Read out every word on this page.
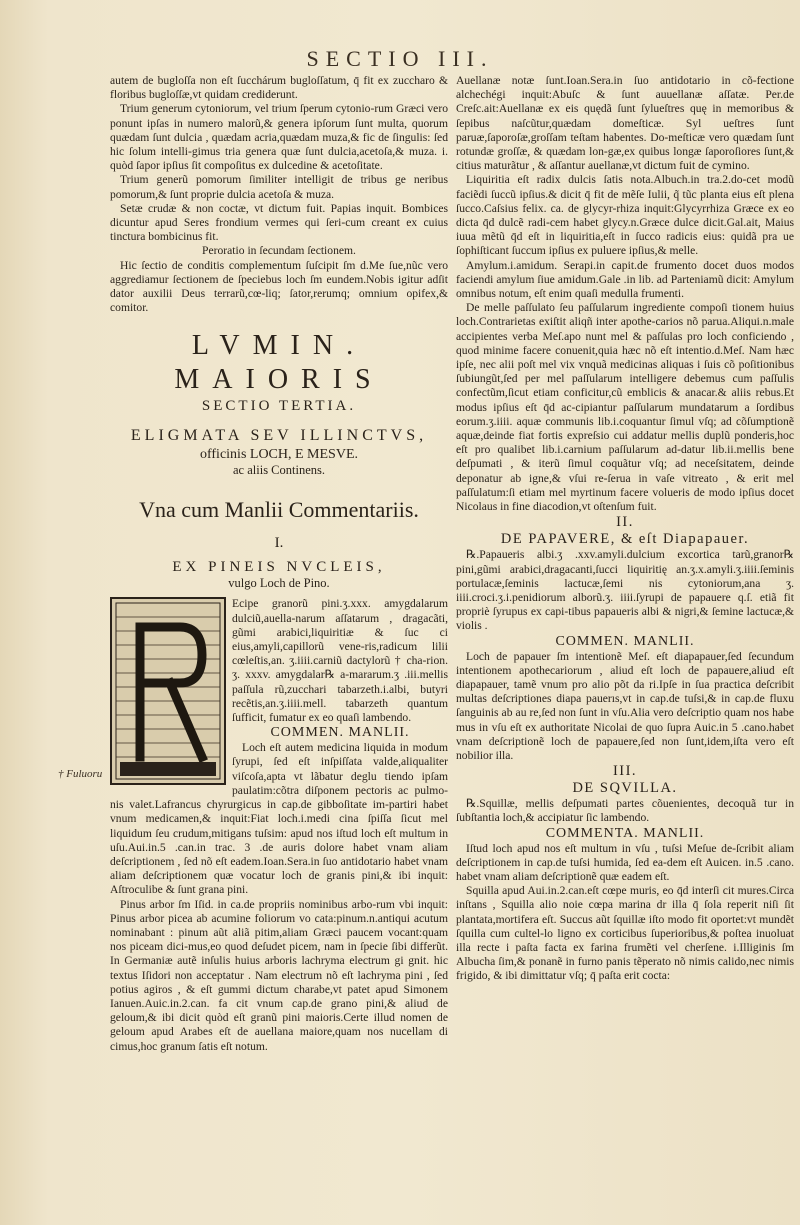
SECTIO III.
† Fuluoru

autem de bugloſſa non eſt ſucchárum bugloſſatum, q̄ fit ex zuccharo & floribus bugloſſæ,vt quidam crediderunt.

Trium generum cytoniorum, vel trium ſperum cytonio-rum Græci vero ponunt ipſas in numero malorũ,& genera ipſorum ſunt multa, quorum quædam ſunt dulcia , quædam acria,quædam muza,& fic de ſingulis: ſed hic ſolum intelli-gimus tria genera quæ ſunt dulcia,acetoſa,& muza. i. quòd ſapor ipſius ſit compoſitus ex dulcedine & acetoſitate.

Trium generũ pomorum ſimiliter intelligit de tribus ge neribus pomorum,& ſunt proprie dulcia acetoſa & muza.

Setæ crudæ & non coctæ, vt dictum fuit. Papias inquit. Bombices dicuntur apud Seres frondium vermes qui ſeri-cum creant ex cuius tinctura bombicinus fit.

Peroratio in ſecundam ſectionem.

Hic ſectio de conditis complementum ſuſcipit ſm d.Me ſue,nũc vero aggrediamur ſectionem de ſpeciebus loch ſm eundem.Nobis igitur adſit dator auxilii Deus terrarũ,cœ-liq; ſator,rerumq; omnium opifex,& comitor.

LVMIN. MAIORIS

SECTIO TERTIA.

ELIGMATA SEV ILLINCTVS,

officinis LOCH, E MESVE.

ac aliis Continens.

Vna cum Manlii Commentariis.

I.

EX PINEIS NVCLEIS,

vulgo Loch de Pino.

Ecipe granorũ pini.ʒ.xxx. amygdalarum dulciũ,auella-narum aſſatarum , dragacãti, gũmi arabici,liquiritiæ & ſuc ci eius,amyli,capillorũ vene-ris,radicum lilii cœleſtis,an. ʒ.iiii.carniũ dactylorũ † cha-rion. ʒ. xxxv. amygdalar℞ a-mararum.ʒ .iii.mellis paſſula rũ,zucchari tabarzeth.i.albi, butyri recẽtis,an.ʒ.iiii.mell. tabarzeth quantum ſufficit, fumatur ex eo quaſi lambendo.

COMMEN. MANLII.

Loch eſt autem medicina liquida in modum ſyrupi, ſed eſt inſpiſſata valde,aliqualiter viſcoſa,apta vt lãbatur deglu tiendo ipſam paulatim:cõtra diſponem pectoris ac pulmo-nis valet.Lafrancus chyrurgicus in cap.de gibboſitate im-partiri habet vnum medicamen,& inquit:Fiat loch.i.medi cina ſpiſſa ſicut mel liquidum ſeu crudum,mitigans tuſsim: apud nos iſtud loch eſt multum in uſu.Aui.in.5 .can.in trac. 3 .de auris dolore habet vnam aliam deſcriptionem , ſed nõ eſt eadem.Ioan.Sera.in ſuo antidotario habet vnam aliam deſcriptionem quæ vocatur loch de granis pini,& ibi inquit: Aſtroculibe & ſunt grana pini.

Pinus arbor ſm Iſid. in ca.de propriis nominibus arbo-rum vbi inquit: Pinus arbor picea ab acumine foliorum vo cata:pinum.n.antiqui acutum nominabant : pinum aũt aliã pitim,aliam Græci paucem vocant:quam nos piceam dici-mus,eo quod deſudet picem, nam in ſpecie ſibi differũt. In Germaniæ autẽ inſulis huius arboris lachryma electrum gi gnit. hic textus Iſidori non acceptatur . Nam electrum nõ eſt lachryma pini , ſed potius agiros , & eſt gummi dictum charabe,vt patet apud Simonem Ianuen.Auic.in.2.can. fa cit vnum cap.de grano pini,& aliud de geloum,& ibi dicit quòd eſt granũ pini maioris.Certe illud nomen de geloum apud Arabes eſt de auellana maiore,quam nos nucellam di cimus,hoc granum ſatis eſt notum.

Auellanæ notæ ſunt.Ioan.Sera.in ſuo antidotario in cõ-fectione alchechégi inquit:Abuſc & ſunt auuellanæ aſſatæ. Per.de Creſc.ait:Auellanæ ex eis quędã ſunt ſylueſtres quę in memoribus & ſepibus naſcũtur,quædam domeſticæ. Syl ueſtres ſunt paruæ,ſaporoſæ,groſſam teſtam habentes. Do-meſticæ vero quædam ſunt rotundæ groſſæ, & quædam lon-gæ,ex quibus longæ ſaporoſiores ſunt,& citius maturãtur , & aſſantur auellanæ,vt dictum fuit de cymino.

Liquiritia eſt radix dulcis ſatis nota.Albuch.in tra.2.do-cet modũ faciẽdi ſuccũ ipſius.& dicit q̄ fit de mẽſe Iulii, q̃ tũc planta eius eſt plena ſucco.Caſsius felix. ca. de glycyr-rhiza inquit:Glycyrrhiza Græce ex eo dicta q̄d dulcẽ radi-cem habet glycy.n.Græce dulce dicit.Gal.ait, Maius iuua mẽtũ q̄d eſt in liquiritia,eſt in ſucco radicis eius: quidã pra ue ſophiſticant ſuccum ipſius ex puluere ipſius,& melle.

Amylum.i.amidum. Serapi.in capit.de frumento docet duos modos faciendi amylum ſiue amidum.Gale .in lib. ad Parteniamũ dicit: Amylum omnibus notum, eſt enim quaſi medulla frumenti.

De melle paſſulato ſeu paſſularum ingrediente compoſi tionem huius loch.Contrarietas exiſtit aliqñ inter apothe-carios nõ parua.Aliqui.n.male accipientes verba Meſ.apo nunt mel & paſſulas pro loch conficiendo , quod minime facere conuenit,quia hæc nõ eſt intentio.d.Meſ. Nam hæc ipſe, nec alii poſt mel vix vnquã medicinas aliquas i ſuis cõ poſitionibus ſubiungũt,ſed per mel paſſularum intelligere debemus cum paſſulis confectũm,ſicut etiam conficitur,cũ emblicis & anacar.& aliis rebus.Et modus ipſius eſt q̄d ac-cipiantur paſſularum mundatarum a ſordibus eorum.ʒ.iiii. aquæ communis lib.i.coquantur ſimul vſq; ad cõſumptionẽ aquæ,deinde fiat fortis expreſsio cui addatur mellis duplũ ponderis,hoc eſt pro qualibet lib.i.carnium paſſularum ad-datur lib.ii.mellis bene deſpumati , & iterũ ſimul coquãtur vſq; ad neceſsitatem, deinde deponatur ab igne,& vſui re-ſerua in vaſe vitreato , & erit mel paſſulatum:ſi etiam mel myrtinum facere volueris de modo ipſius docet Nicolaus in fine diacodion,vt oſtenſum fuit.

II.

DE PAPAVERE, & eſt Diapapauer.

℞.Papaueris albi.ʒ .xxv.amyli.dulcium excortica tarũ,granor℞ pini,gũmi arabici,dragacanti,ſucci liquiritię an.ʒ.x.amyli.ʒ.iiii.ſeminis portulacæ,ſeminis lactucæ,ſemi nis cytoniorum,ana ʒ. iiii.croci.ʒ.i.penidiorum alborũ.ʒ. iiii.ſyrupi de papauere q.ſ. etiã fit propriè ſyrupus ex capi-tibus papaueris albi & nigri,& ſemine lactucæ,& violis .

COMMEN. MANLII.

Loch de papauer ſm intentionẽ Meſ. eſt diapapauer,ſed ſecundum intentionem apothecariorum , aliud eſt loch de papauere,aliud eſt diapapauer, tamẽ vnum pro alio põt da ri.Ipſe in ſua practica deſcribit multas deſcriptiones diapa pauerıs,vt in cap.de tuſsi,& in cap.de fluxu ſanguinis ab au re,ſed non ſunt in vſu.Alia vero deſcriptio quam nos habe mus in vſu eſt ex authoritate Nicolai de quo ſupra Auic.in 5 .cano.habet vnam deſcriptionẽ loch de papauere,ſed non ſunt,idem,iſta vero eſt nobilior illa.

III.

DE SQVILLA.

℞.Squillæ, mellis deſpumati partes cõuenientes, decoquã tur in ſubſtantia loch,& accipiatur ſic lambendo.

COMMENTA. MANLII.

Iſtud loch apud nos eſt multum in vſu , tuſsi Meſue de-ſcribit aliam deſcriptionem in cap.de tuſsi humida, ſed ea-dem eſt Auicen. in.5 .cano. habet vnam aliam deſcriptionẽ quæ eadem eſt.

Squilla apud Aui.in.2.can.eſt cœpe muris, eo q̄d interſi cit mures.Circa inſtans , Squilla alio noie cœpa marina dr illa q̄ ſola reperit niſi ſit plantata,mortifera eſt. Succus aũt ſquillæ iſto modo fit oportet:vt mundẽt ſquilla cum cultel-lo ligno ex corticibus ſuperioribus,& poſtea inuoluat illa recte i paſta facta ex farina frumẽti vel cherſene. i.Illiginis ſm Albucha ſim,& ponanẽ in furno panis tẽperato nõ nimis calido,nec nimis frigido, & ibi dimittatur vſq; q̄ paſta erit cocta:
